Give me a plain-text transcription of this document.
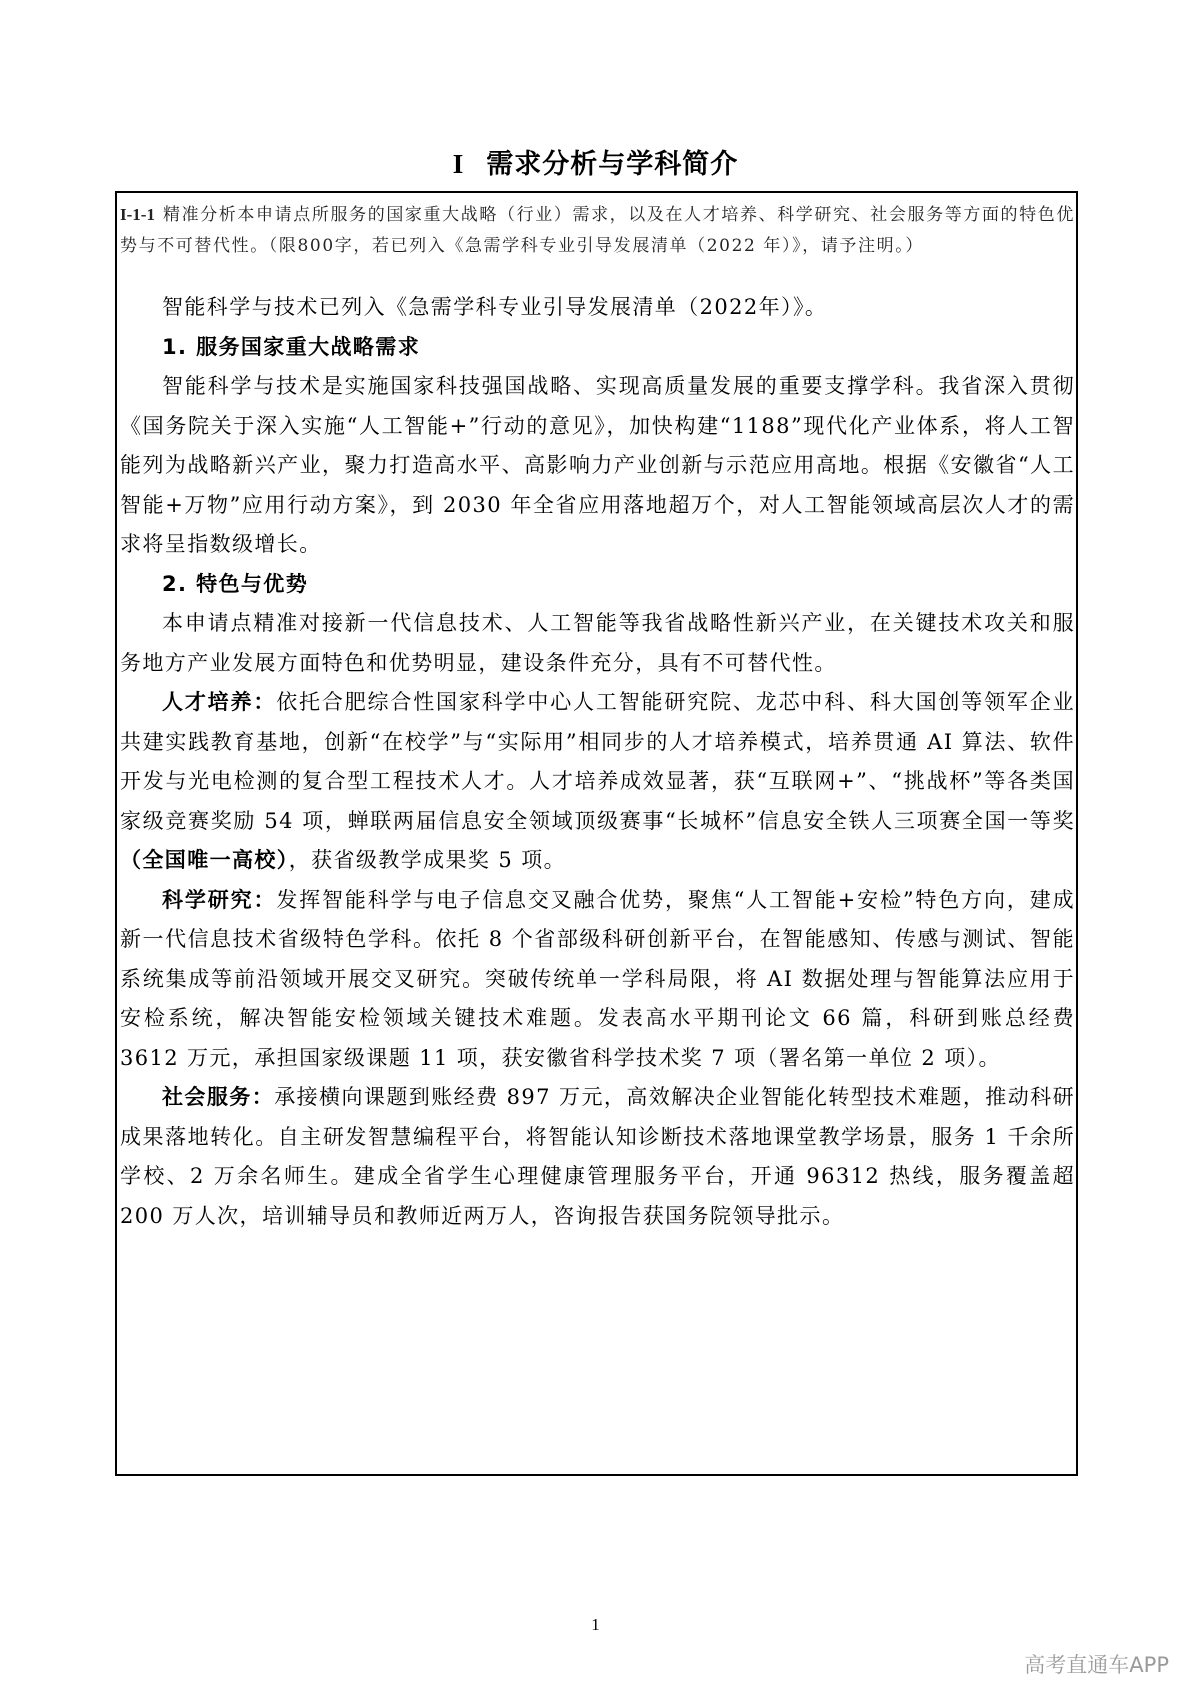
I 需求分析与学科简介
I-1-1 精准分析本申请点所服务的国家重大战略（行业）需求，以及在人才培养、科学研究、社会服务等方面的特色优势与不可替代性。（限800字，若已列入《急需学科专业引导发展清单（2022 年）》，请予注明。）

智能科学与技术已列入《急需学科专业引导发展清单（2022年）》。

1. 服务国家重大战略需求

智能科学与技术是实施国家科技强国战略、实现高质量发展的重要支撑学科。我省深入贯彻《国务院关于深入实施“人工智能+”行动的意见》，加快构建“1188”现代化产业体系，将人工智能列为战略新兴产业，聚力打造高水平、高影响力产业创新与示范应用高地。根据《安徽省“人工智能+万物”应用行动方案》，到 2030 年全省应用落地超万个，对人工智能领域高层次人才的需求将呈指数级增长。

2. 特色与优势

本申请点精准对接新一代信息技术、人工智能等我省战略性新兴产业，在关键技术攻关和服务地方产业发展方面特色和优势明显，建设条件充分，具有不可替代性。

人才培养：依托合肥综合性国家科学中心人工智能研究院、龙芯中科、科大国创等领军企业共建实践教育基地，创新“在校学”与“实际用”相同步的人才培养模式，培养贯通 AI 算法、软件开发与光电检测的复合型工程技术人才。人才培养成效显著，获“互联网+”、“挑战杯”等各类国家级竞赛奖励 54 项，蝉联两届信息安全领域顶级赛事“长城杯”信息安全铁人三项赛全国一等奖（全国唯一高校），获省级教学成果奖 5 项。

科学研究：发挥智能科学与电子信息交叉融合优势，聚焦“人工智能+安检”特色方向，建成新一代信息技术省级特色学科。依托 8 个省部级科研创新平台，在智能感知、传感与测试、智能系统集成等前沿领域开展交叉研究。突破传统单一学科局限，将 AI 数据处理与智能算法应用于安检系统，解决智能安检领域关键技术难题。发表高水平期刊论文 66 篇，科研到账总经费 3612 万元，承担国家级课题 11 项，获安徽省科学技术奖 7 项（署名第一单位 2 项）。

社会服务：承接横向课题到账经费 897 万元，高效解决企业智能化转型技术难题，推动科研成果落地转化。自主研发智慧编程平台，将智能认知诊断技术落地课堂教学场景，服务 1 千余所学校、2 万余名师生。建成全省学生心理健康管理服务平台，开通 96312 热线，服务覆盖超 200 万人次，培训辅导员和教师近两万人，咨询报告获国务院领导批示。

1
高考直通车APP
